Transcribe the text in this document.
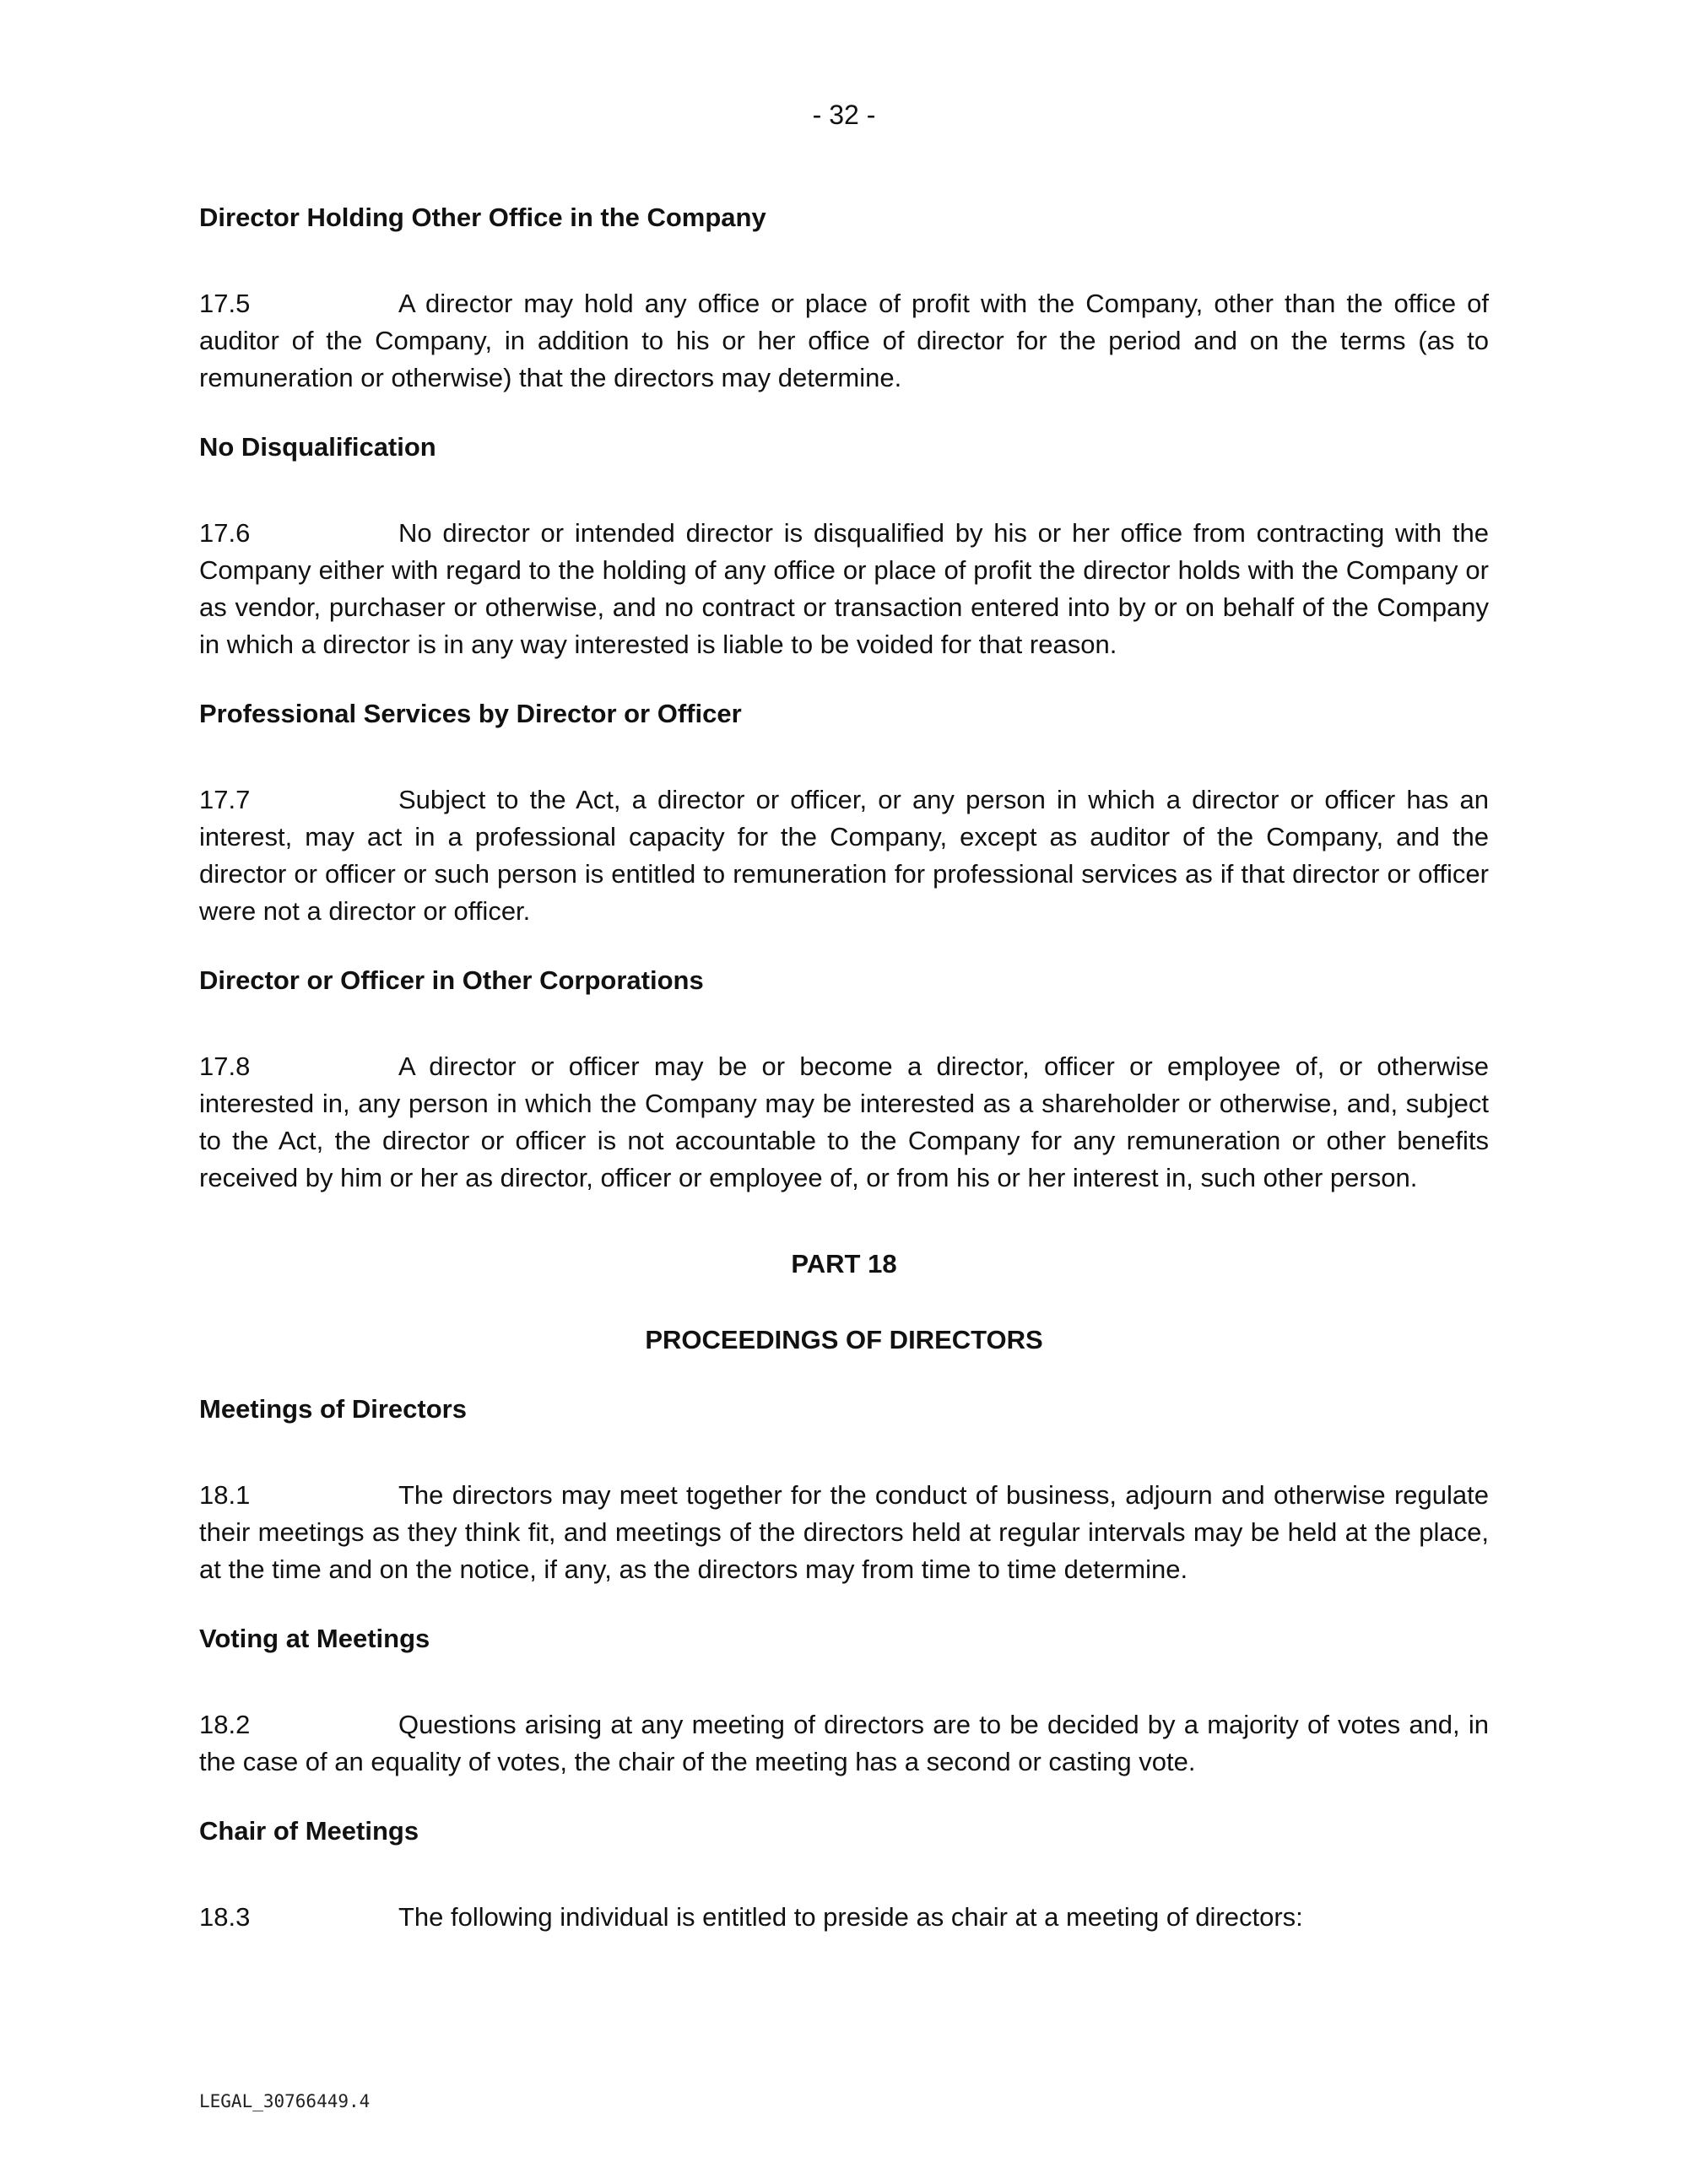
- 32 -
Director Holding Other Office in the Company
17.5	A director may hold any office or place of profit with the Company, other than the office of auditor of the Company, in addition to his or her office of director for the period and on the terms (as to remuneration or otherwise) that the directors may determine.
No Disqualification
17.6	No director or intended director is disqualified by his or her office from contracting with the Company either with regard to the holding of any office or place of profit the director holds with the Company or as vendor, purchaser or otherwise, and no contract or transaction entered into by or on behalf of the Company in which a director is in any way interested is liable to be voided for that reason.
Professional Services by Director or Officer
17.7	Subject to the Act, a director or officer, or any person in which a director or officer has an interest, may act in a professional capacity for the Company, except as auditor of the Company, and the director or officer or such person is entitled to remuneration for professional services as if that director or officer were not a director or officer.
Director or Officer in Other Corporations
17.8	A director or officer may be or become a director, officer or employee of, or otherwise interested in, any person in which the Company may be interested as a shareholder or otherwise, and, subject to the Act, the director or officer is not accountable to the Company for any remuneration or other benefits received by him or her as director, officer or employee of, or from his or her interest in, such other person.
PART 18
PROCEEDINGS OF DIRECTORS
Meetings of Directors
18.1	The directors may meet together for the conduct of business, adjourn and otherwise regulate their meetings as they think fit, and meetings of the directors held at regular intervals may be held at the place, at the time and on the notice, if any, as the directors may from time to time determine.
Voting at Meetings
18.2	Questions arising at any meeting of directors are to be decided by a majority of votes and, in the case of an equality of votes, the chair of the meeting has a second or casting vote.
Chair of Meetings
18.3	The following individual is entitled to preside as chair at a meeting of directors:
LEGAL_30766449.4
